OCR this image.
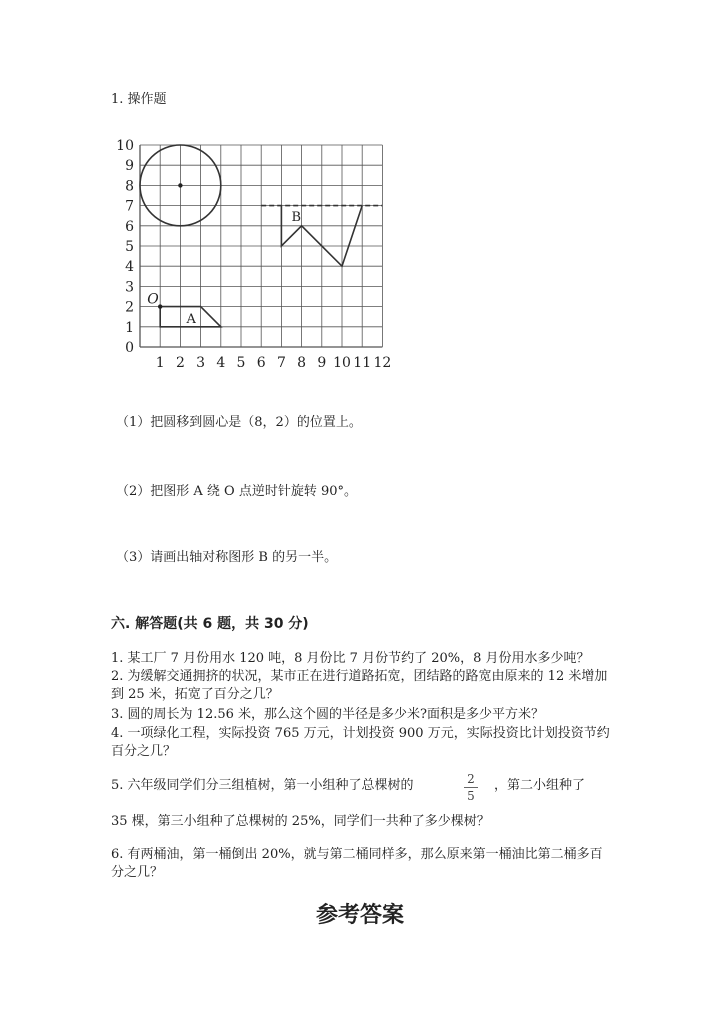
1. 操作题
0
1
2
3
4
5
6
7
8
9
10
1 2 3 4 5 6 7 8 9 10 11 12
O
A
B
（1）把圆移到圆心是（8，2）的位置上。
（2）把图形 A 绕 O 点逆时针旋转 90°。
（3）请画出轴对称图形 B 的另一半。
六. 解答题(共 6 题，共 30 分)
1. 某工厂 7 月份用水 120 吨，8 月份比 7 月份节约了 20%，8 月份用水多少吨？
2. 为缓解交通拥挤的状况，某市正在进行道路拓宽，团结路的路宽由原来的 12 米增加到 25 米，拓宽了百分之几？
3. 圆的周长为 12.56 米，那么这个圆的半径是多少米?面积是多少平方米？
4. 一项绿化工程，实际投资 765 万元，计划投资 900 万元，实际投资比计划投资节约百分之几？
5. 六年级同学们分三组植树，第一小组种了总棵树的	2
5
，第二小组种了
35 棵，第三小组种了总棵树的 25%，同学们一共种了多少棵树？
6. 有两桶油，第一桶倒出 20%，就与第二桶同样多，那么原来第一桶油比第二桶多百分之几？
参考答案
